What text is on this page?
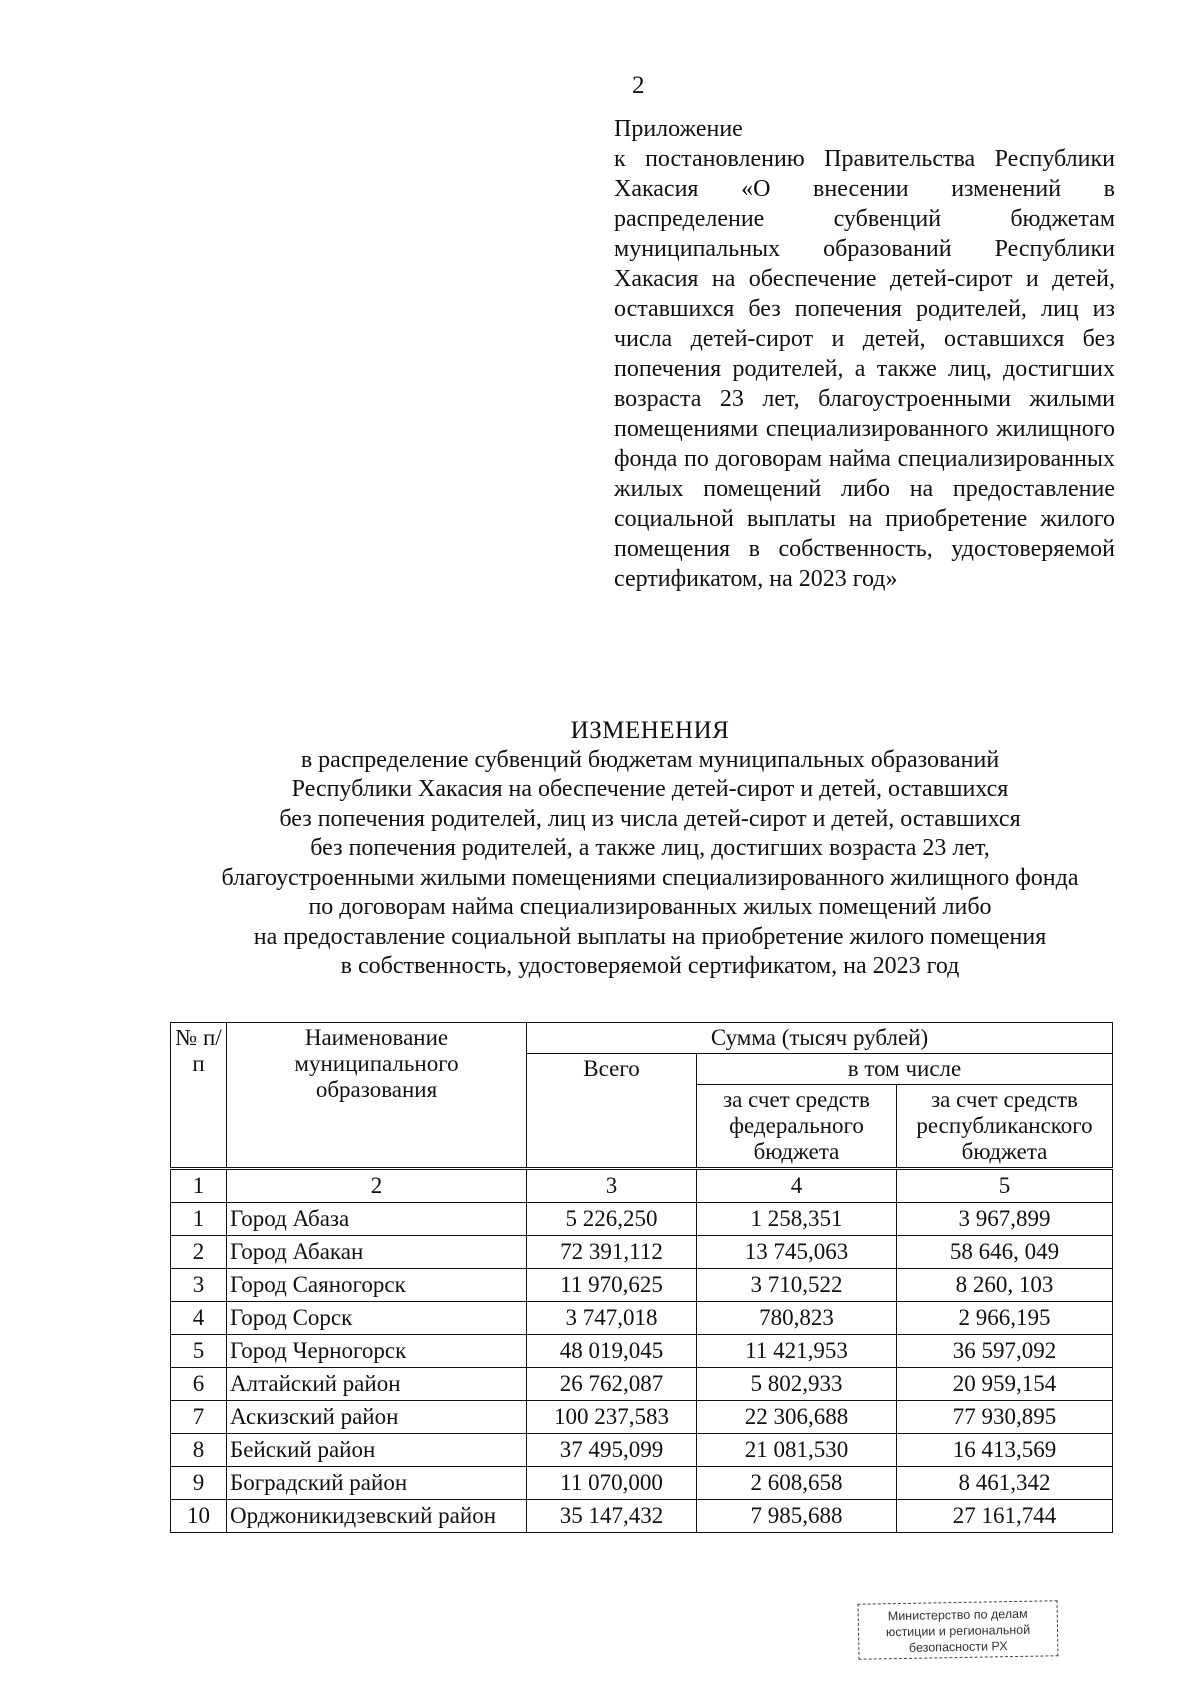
2
Приложение
к постановлению Правительства Республики Хакасия «О внесении изменений в распределение субвенций бюджетам муниципальных образований Республики Хакасия на обеспечение детей-сирот и детей, оставшихся без попечения родителей, лиц из числа детей-сирот и детей, оставшихся без попечения родителей, а также лиц, достигших возраста 23 лет, благоустроенными жилыми помещениями специализированного жилищного фонда по договорам найма специализированных жилых помещений либо на предоставление социальной выплаты на приобретение жилого помещения в собственность, удостоверяемой сертификатом, на 2023 год»
ИЗМЕНЕНИЯ
в распределение субвенций бюджетам муниципальных образований
Республики Хакасия на обеспечение детей-сирот и детей, оставшихся
без попечения родителей, лиц из числа детей-сирот и детей, оставшихся
без попечения родителей, а также лиц, достигших возраста 23 лет,
благоустроенными жилыми помещениями специализированного жилищного фонда
по договорам найма специализированных жилых помещений либо
на предоставление социальной выплаты на приобретение жилого помещения
в собственность, удостоверяемой сертификатом, на 2023 год
№ п/п	Наименование муниципального образования	Сумма (тысяч рублей)		
		Всего	в том числе	
			за счет средств федерального бюджета	за счет средств республиканского бюджета
1	2	3	4	5
1	Город Абаза	5 226,250	1 258,351	3 967,899
2	Город Абакан	72 391,112	13 745,063	58 646, 049
3	Город Саяногорск	11 970,625	3 710,522	8 260, 103
4	Город Сорск	3 747,018	780,823	2 966,195
5	Город Черногорск	48 019,045	11 421,953	36 597,092
6	Алтайский район	26 762,087	5 802,933	20 959,154
7	Аскизский район	100 237,583	22 306,688	77 930,895
8	Бейский район	37 495,099	21 081,530	16 413,569
9	Боградский район	11 070,000	2 608,658	8 461,342
10	Орджоникидзевский район	35 147,432	7 985,688	27 161,744
Министерство по делам
юстиции и региональной
безопасности РХ
